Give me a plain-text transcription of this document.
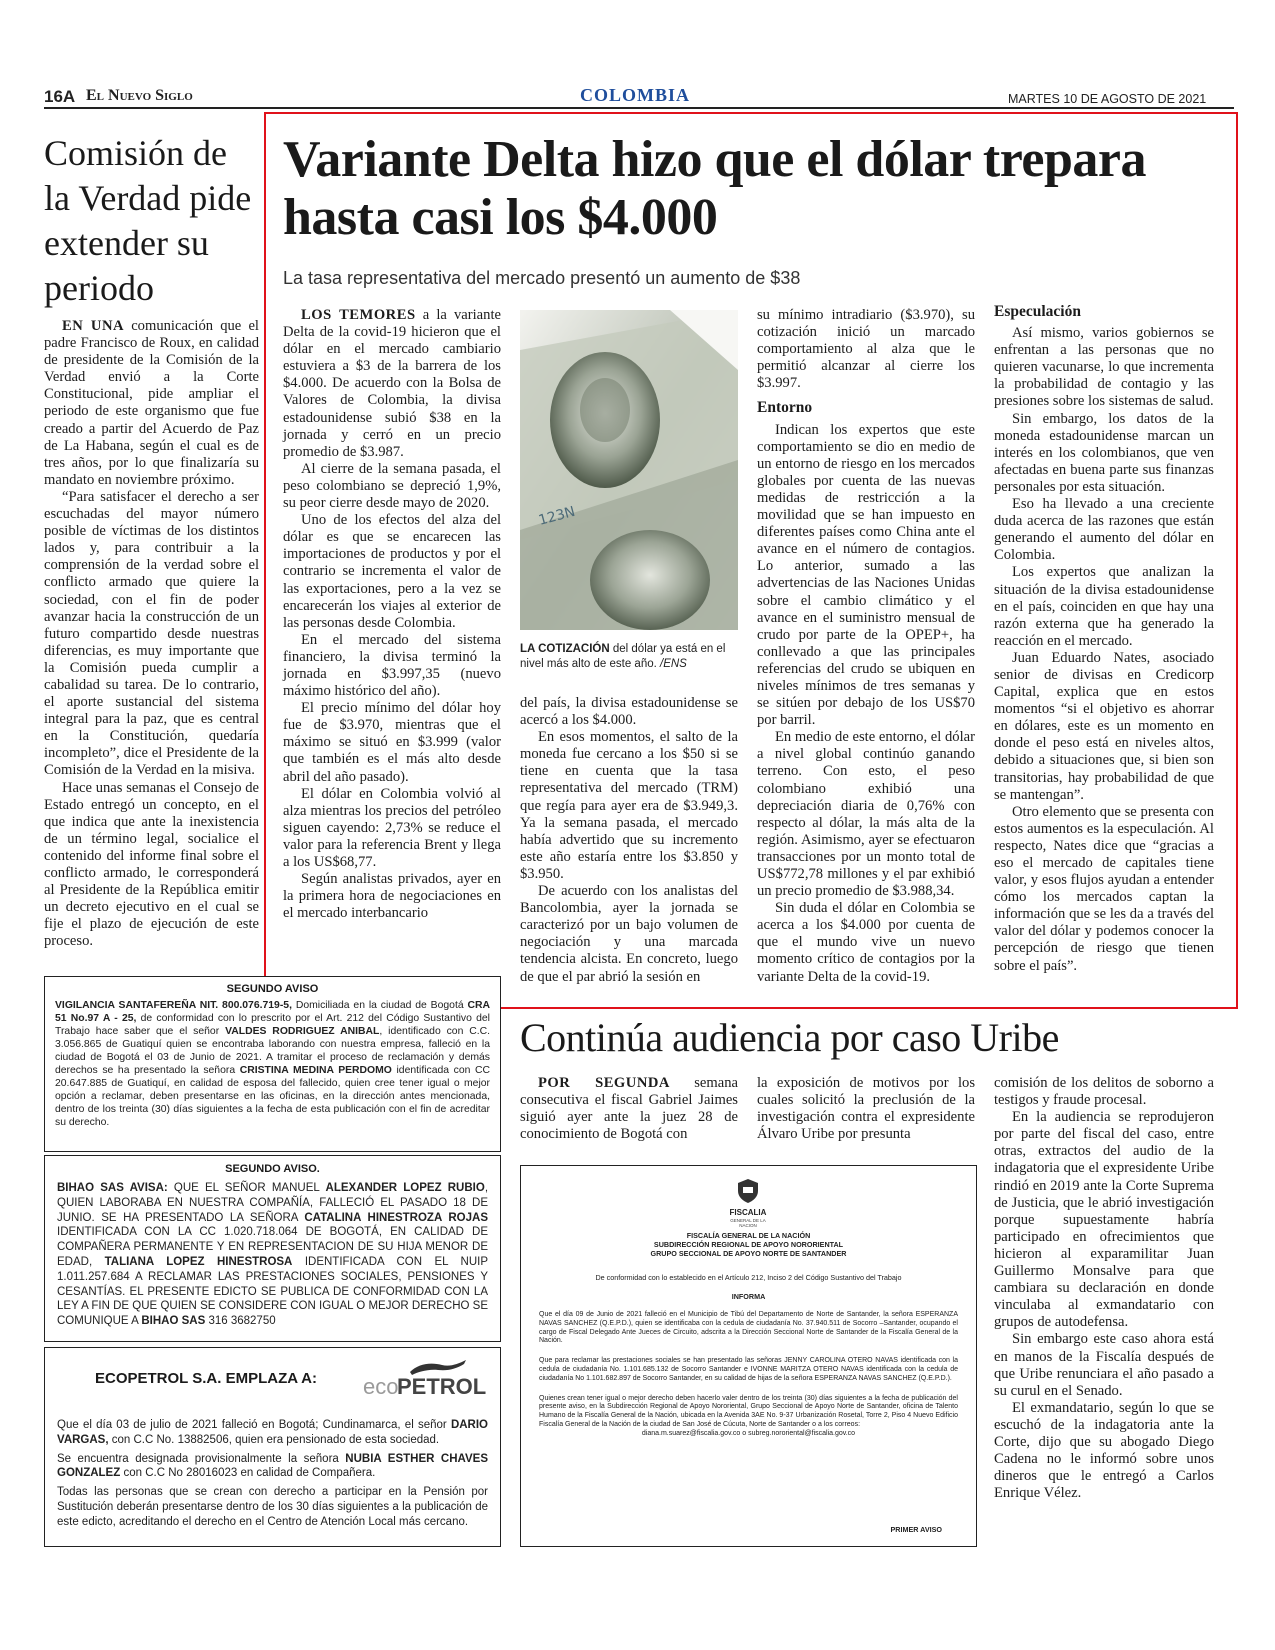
16A El Nuevo Siglo	COLOMBIA	MARTES 10 DE AGOSTO DE 2021
Comisión de la Verdad pide extender su periodo

EN UNA comunicación que el padre Francisco de Roux, en calidad de presidente de la Comisión de la Verdad envió a la Corte Constitucional, pide ampliar el periodo de este organismo que fue creado a partir del Acuerdo de Paz de La Habana, según el cual es de tres años, por lo que finalizaría su mandato en noviembre próximo.

“Para satisfacer el derecho a ser escuchadas del mayor número posible de víctimas de los distintos lados y, para contribuir a la comprensión de la verdad sobre el conflicto armado que quiere la sociedad, con el fin de poder avanzar hacia la construcción de un futuro compartido desde nuestras diferencias, es muy importante que la Comisión pueda cumplir a cabalidad su tarea. De lo contrario, el aporte sustancial del sistema integral para la paz, que es central en la Constitución, quedaría incompleto”, dice el Presidente de la Comisión de la Verdad en la misiva.

Hace unas semanas el Consejo de Estado entregó un concepto, en el que indica que ante la inexistencia de un término legal, socialice el contenido del informe final sobre el conflicto armado, le corresponderá al Presidente de la República emitir un decreto ejecutivo en el cual se fije el plazo de ejecución de este proceso.

Variante Delta hizo que el dólar trepara hasta casi los $4.000
La tasa representativa del mercado presentó un aumento de $38

LOS TEMORES a la variante Delta de la covid-19 hicieron que el dólar en el mercado cambiario estuviera a $3 de la barrera de los $4.000. De acuerdo con la Bolsa de Valores de Colombia, la divisa estadounidense subió $38 en la jornada y cerró en un precio promedio de $3.987.

Al cierre de la semana pasada, el peso colombiano se depreció 1,9%, su peor cierre desde mayo de 2020.

Uno de los efectos del alza del dólar es que se encarecen las importaciones de productos y por el contrario se incrementa el valor de las exportaciones, pero a la vez se encarecerán los viajes al exterior de las personas desde Colombia.

En el mercado del sistema financiero, la divisa terminó la jornada en $3.997,35 (nuevo máximo histórico del año).

El precio mínimo del dólar hoy fue de $3.970, mientras que el máximo se situó en $3.999 (valor que también es el más alto desde abril del año pasado).

El dólar en Colombia volvió al alza mientras los precios del petróleo siguen cayendo: 2,73% se reduce el valor para la referencia Brent y llega a los US$68,77.

Según analistas privados, ayer en la primera hora de negociaciones en el mercado interbancario

123N
LA COTIZACIÓN del dólar ya está en el nivel más alto de este año. /ENS

del país, la divisa estadounidense se acercó a los $4.000.

En esos momentos, el salto de la moneda fue cercano a los $50 si se tiene en cuenta que la tasa representativa del mercado (TRM) que regía para ayer era de $3.949,3. Ya la semana pasada, el mercado había advertido que su incremento este año estaría entre los $3.850 y $3.950.

De acuerdo con los analistas del Bancolombia, ayer la jornada se caracterizó por un bajo volumen de negociación y una marcada tendencia alcista. En concreto, luego de que el par abrió la sesión en

su mínimo intradiario ($3.970), su cotización inició un marcado comportamiento al alza que le permitió alcanzar al cierre los $3.997.

Entorno

Indican los expertos que este comportamiento se dio en medio de un entorno de riesgo en los mercados globales por cuenta de las nuevas medidas de restricción a la movilidad que se han impuesto en diferentes países como China ante el avance en el número de contagios. Lo anterior, sumado a las advertencias de las Naciones Unidas sobre el cambio climático y el avance en el suministro mensual de crudo por parte de la OPEP+, ha conllevado a que las principales referencias del crudo se ubiquen en niveles mínimos de tres semanas y se sitúen por debajo de los US$70 por barril.

En medio de este entorno, el dólar a nivel global continúo ganando terreno. Con esto, el peso colombiano exhibió una depreciación diaria de 0,76% con respecto al dólar, la más alta de la región. Asimismo, ayer se efectuaron transacciones por un monto total de US$772,78 millones y el par exhibió un precio promedio de $3.988,34.

Sin duda el dólar en Colombia se acerca a los $4.000 por cuenta de que el mundo vive un nuevo momento crítico de contagios por la variante Delta de la covid-19.

Especulación

Así mismo, varios gobiernos se enfrentan a las personas que no quieren vacunarse, lo que incrementa la probabilidad de contagio y las presiones sobre los sistemas de salud.

Sin embargo, los datos de la moneda estadounidense marcan un interés en los colombianos, que ven afectadas en buena parte sus finanzas personales por esta situación.

Eso ha llevado a una creciente duda acerca de las razones que están generando el aumento del dólar en Colombia.

Los expertos que analizan la situación de la divisa estadounidense en el país, coinciden en que hay una razón externa que ha generado la reacción en el mercado.

Juan Eduardo Nates, asociado senior de divisas en Credicorp Capital, explica que en estos momentos “si el objetivo es ahorrar en dólares, este es un momento en donde el peso está en niveles altos, debido a situaciones que, si bien son transitorias, hay probabilidad de que se mantengan”.

Otro elemento que se presenta con estos aumentos es la especulación. Al respecto, Nates dice que “gracias a eso el mercado de capitales tiene valor, y esos flujos ayudan a entender cómo los mercados captan la información que se les da a través del valor del dólar y podemos conocer la percepción de riesgo que tienen sobre el país”.

Continúa audiencia por caso Uribe

POR SEGUNDA semana consecutiva el fiscal Gabriel Jaimes siguió ayer ante la juez 28 de conocimiento de Bogotá con

la exposición de motivos por los cuales solicitó la preclusión de la investigación contra el expresidente Álvaro Uribe por presunta

comisión de los delitos de soborno a testigos y fraude procesal.

En la audiencia se reprodujeron por parte del fiscal del caso, entre otras, extractos del audio de la indagatoria que el expresidente Uribe rindió en 2019 ante la Corte Suprema de Justicia, que le abrió investigación porque supuestamente habría participado en ofrecimientos que hicieron al exparamilitar Juan Guillermo Monsalve para que cambiara su declaración en donde vinculaba al exmandatario con grupos de autodefensa.

Sin embargo este caso ahora está en manos de la Fiscalía después de que Uribe renunciara el año pasado a su curul en el Senado.

El exmandatario, según lo que se escuchó de la indagatoria ante la Corte, dijo que su abogado Diego Cadena no le informó sobre unos dineros que le entregó a Carlos Enrique Vélez.

SEGUNDO AVISO
VIGILANCIA SANTAFEREÑA NIT. 800.076.719-5, Domiciliada en la ciudad de Bogotá CRA 51 No.97 A - 25, de conformidad con lo prescrito por el Art. 212 del Código Sustantivo del Trabajo hace saber que el señor VALDES RODRIGUEZ ANIBAL, identificado con C.C. 3.056.865 de Guatiquí quien se encontraba laborando con nuestra empresa, falleció en la ciudad de Bogotá el 03 de Junio de 2021. A tramitar el proceso de reclamación y demás derechos se ha presentado la señora CRISTINA MEDINA PERDOMO identificada con CC 20.647.885 de Guatiquí, en calidad de esposa del fallecido, quien cree tener igual o mejor opción a reclamar, deben presentarse en las oficinas, en la dirección antes mencionada, dentro de los treinta (30) días siguientes a la fecha de esta publicación con el fin de acreditar su derecho.
SEGUNDO AVISO.
BIHAO SAS AVISA: QUE EL SEÑOR MANUEL ALEXANDER LOPEZ RUBIO, QUIEN LABORABA EN NUESTRA COMPAÑÍA, FALLECIÓ EL PASADO 18 DE JUNIO. SE HA PRESENTADO LA SEÑORA CATALINA HINESTROZA ROJAS IDENTIFICADA CON LA CC 1.020.718.064 DE BOGOTÁ, EN CALIDAD DE COMPAÑERA PERMANENTE Y EN REPRESENTACION DE SU HIJA MENOR DE EDAD, TALIANA LOPEZ HINESTROSA IDENTIFICADA CON EL NUIP 1.011.257.684 A RECLAMAR LAS PRESTACIONES SOCIALES, PENSIONES Y CESANTÍAS. EL PRESENTE EDICTO SE PUBLICA DE CONFORMIDAD CON LA LEY A FIN DE QUE QUIEN SE CONSIDERE CON IGUAL O MEJOR DERECHO SE COMUNIQUE A BIHAO SAS 316 3682750
ECOPETROL S.A. EMPLAZA A: eco
PETROL

Que el día 03 de julio de 2021 falleció en Bogotá; Cundinamarca, el señor DARIO VARGAS, con C.C No. 13882506, quien era pensionado de esta sociedad.

Se encuentra designada provisionalmente la señora NUBIA ESTHER CHAVES GONZALEZ con C.C No 28016023 en calidad de Compañera.

Todas las personas que se crean con derecho a participar en la Pensión por Sustitución deberán presentarse dentro de los 30 días siguientes a la publicación de este edicto, acreditando el derecho en el Centro de Atención Local más cercano.

FISCALIA
GENERAL DE LA NACION
FISCALÍA GENERAL DE LA NACIÓN
SUBDIRECCIÓN REGIONAL DE APOYO NORORIENTAL
GRUPO SECCIONAL DE APOYO NORTE DE SANTANDER
De conformidad con lo establecido en el Artículo 212, Inciso 2 del Código Sustantivo del Trabajo
INFORMA

Que el día 09 de Junio de 2021 falleció en el Municipio de Tibú del Departamento de Norte de Santander, la señora ESPERANZA NAVAS SANCHEZ (Q.E.P.D.), quien se identificaba con la cedula de ciudadanía No. 37.940.511 de Socorro –Santander, ocupando el cargo de Fiscal Delegado Ante Jueces de Circuito, adscrita a la Dirección Seccional Norte de Santander de la Fiscalía General de la Nación.

Que para reclamar las prestaciones sociales se han presentado las señoras JENNY CAROLINA OTERO NAVAS identificada con la cedula de ciudadanía No. 1.101.685.132 de Socorro Santander e IVONNE MARITZA OTERO NAVAS identificada con la cedula de ciudadanía No 1.101.682.897 de Socorro Santander, en su calidad de hijas de la señora ESPERANZA NAVAS SANCHEZ (Q.E.P.D.).

Quienes crean tener igual o mejor derecho deben hacerlo valer dentro de los treinta (30) días siguientes a la fecha de publicación del presente aviso, en la Subdirección Regional de Apoyo Nororiental, Grupo Seccional de Apoyo Norte de Santander, oficina de Talento Humano de la Fiscalía General de la Nación, ubicada en la Avenida 3AE No. 9-37 Urbanización Rosetal, Torre 2, Piso 4 Nuevo Edificio Fiscalía General de la Nación de la ciudad de San José de Cúcuta, Norte de Santander o a los correos:

diana.m.suarez@fiscalia.gov.co o subreg.nororiental@fiscalia.gov.co

PRIMER AVISO
